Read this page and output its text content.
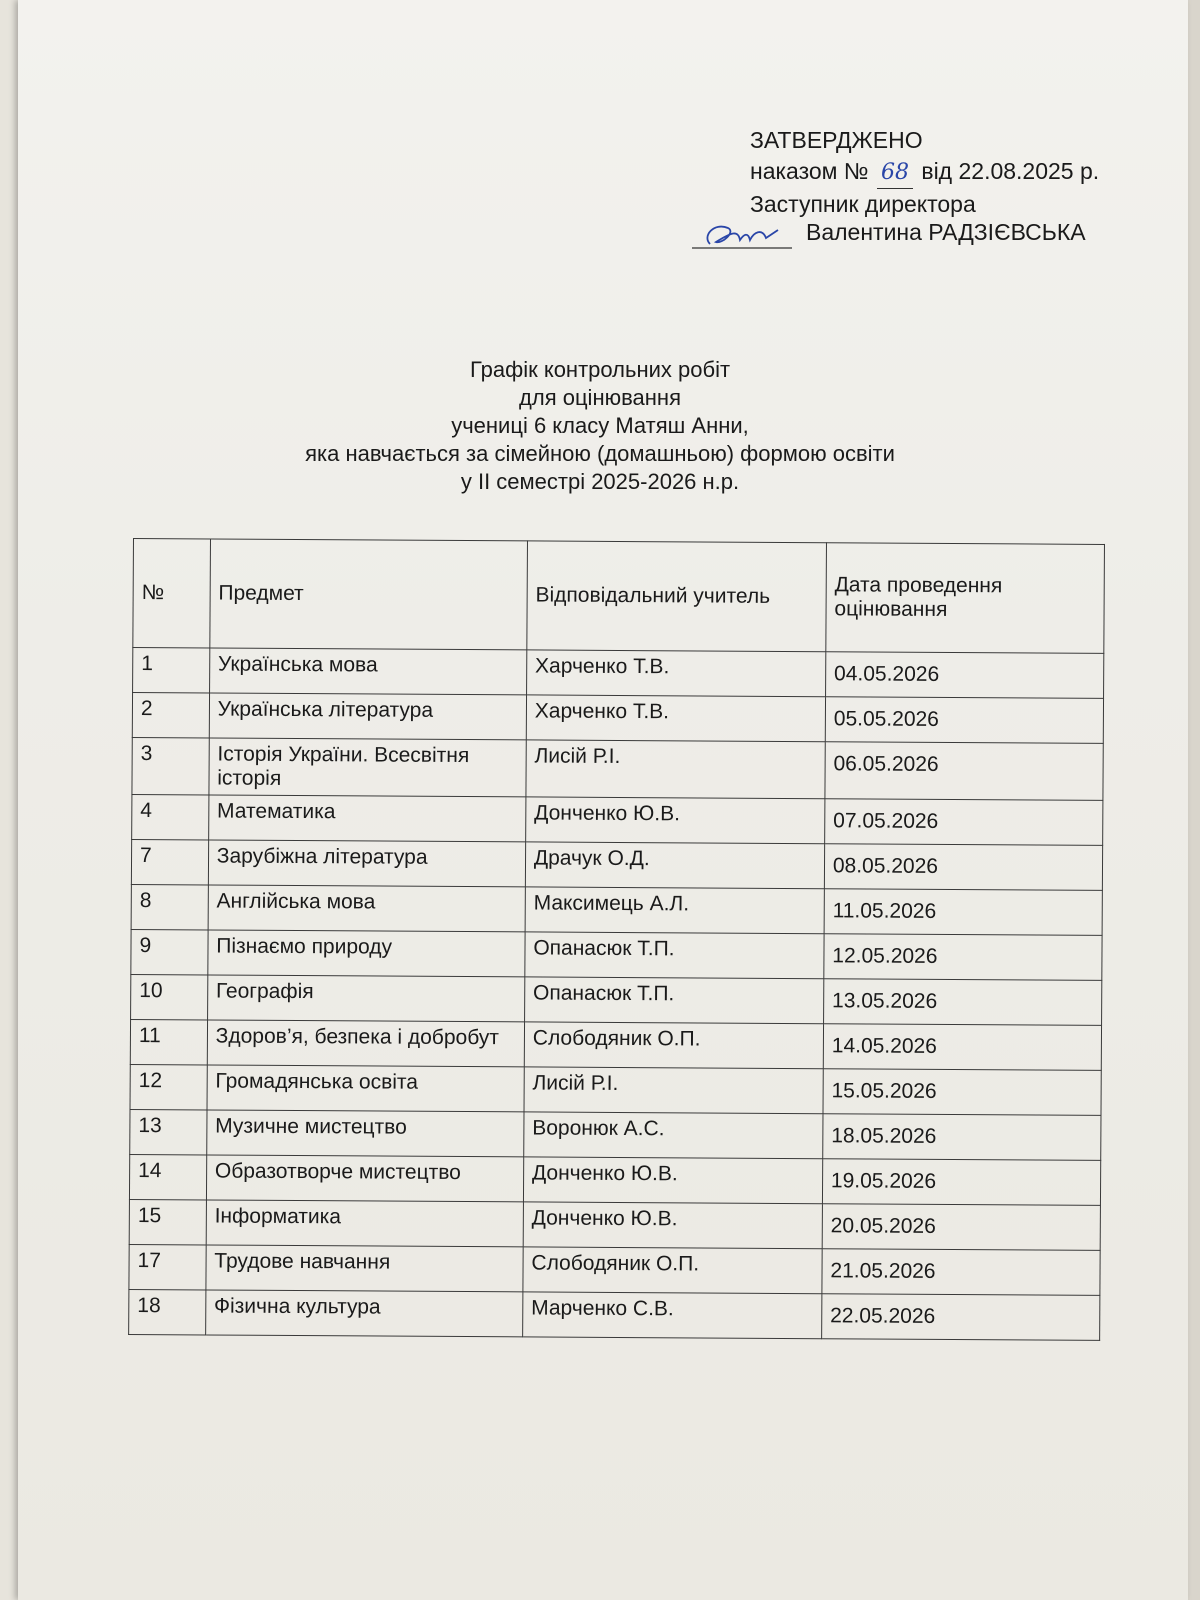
ЗАТВЕРДЖЕНО
наказом № 68 від 22.08.2025 р.
Заступник директора
Валентина РАДЗІЄВСЬКА
Графік контрольних робіт
для оцінювання
учениці 6 класу Матяш Анни,
яка навчається за сімейною (домашньою) формою освіти
у ІІ семестрі 2025-2026 н.р.
№	Предмет	Відповідальний учитель	Дата проведення оцінювання
1	Українська мова	Харченко Т.В.	04.05.2026
2	Українська література	Харченко Т.В.	05.05.2026
3	Історія України. Всесвітня історія	Лисій Р.І.	06.05.2026
4	Математика	Донченко Ю.В.	07.05.2026
7	Зарубіжна література	Драчук О.Д.	08.05.2026
8	Англійська мова	Максимець А.Л.	11.05.2026
9	Пізнаємо природу	Опанасюк Т.П.	12.05.2026
10	Географія	Опанасюк Т.П.	13.05.2026
11	Здоров’я, безпека і добробут	Слободяник О.П.	14.05.2026
12	Громадянська освіта	Лисій Р.І.	15.05.2026
13	Музичне мистецтво	Воронюк А.С.	18.05.2026
14	Образотворче мистецтво	Донченко Ю.В.	19.05.2026
15	Інформатика	Донченко Ю.В.	20.05.2026
17	Трудове навчання	Слободяник О.П.	21.05.2026
18	Фізична культура	Марченко С.В.	22.05.2026
